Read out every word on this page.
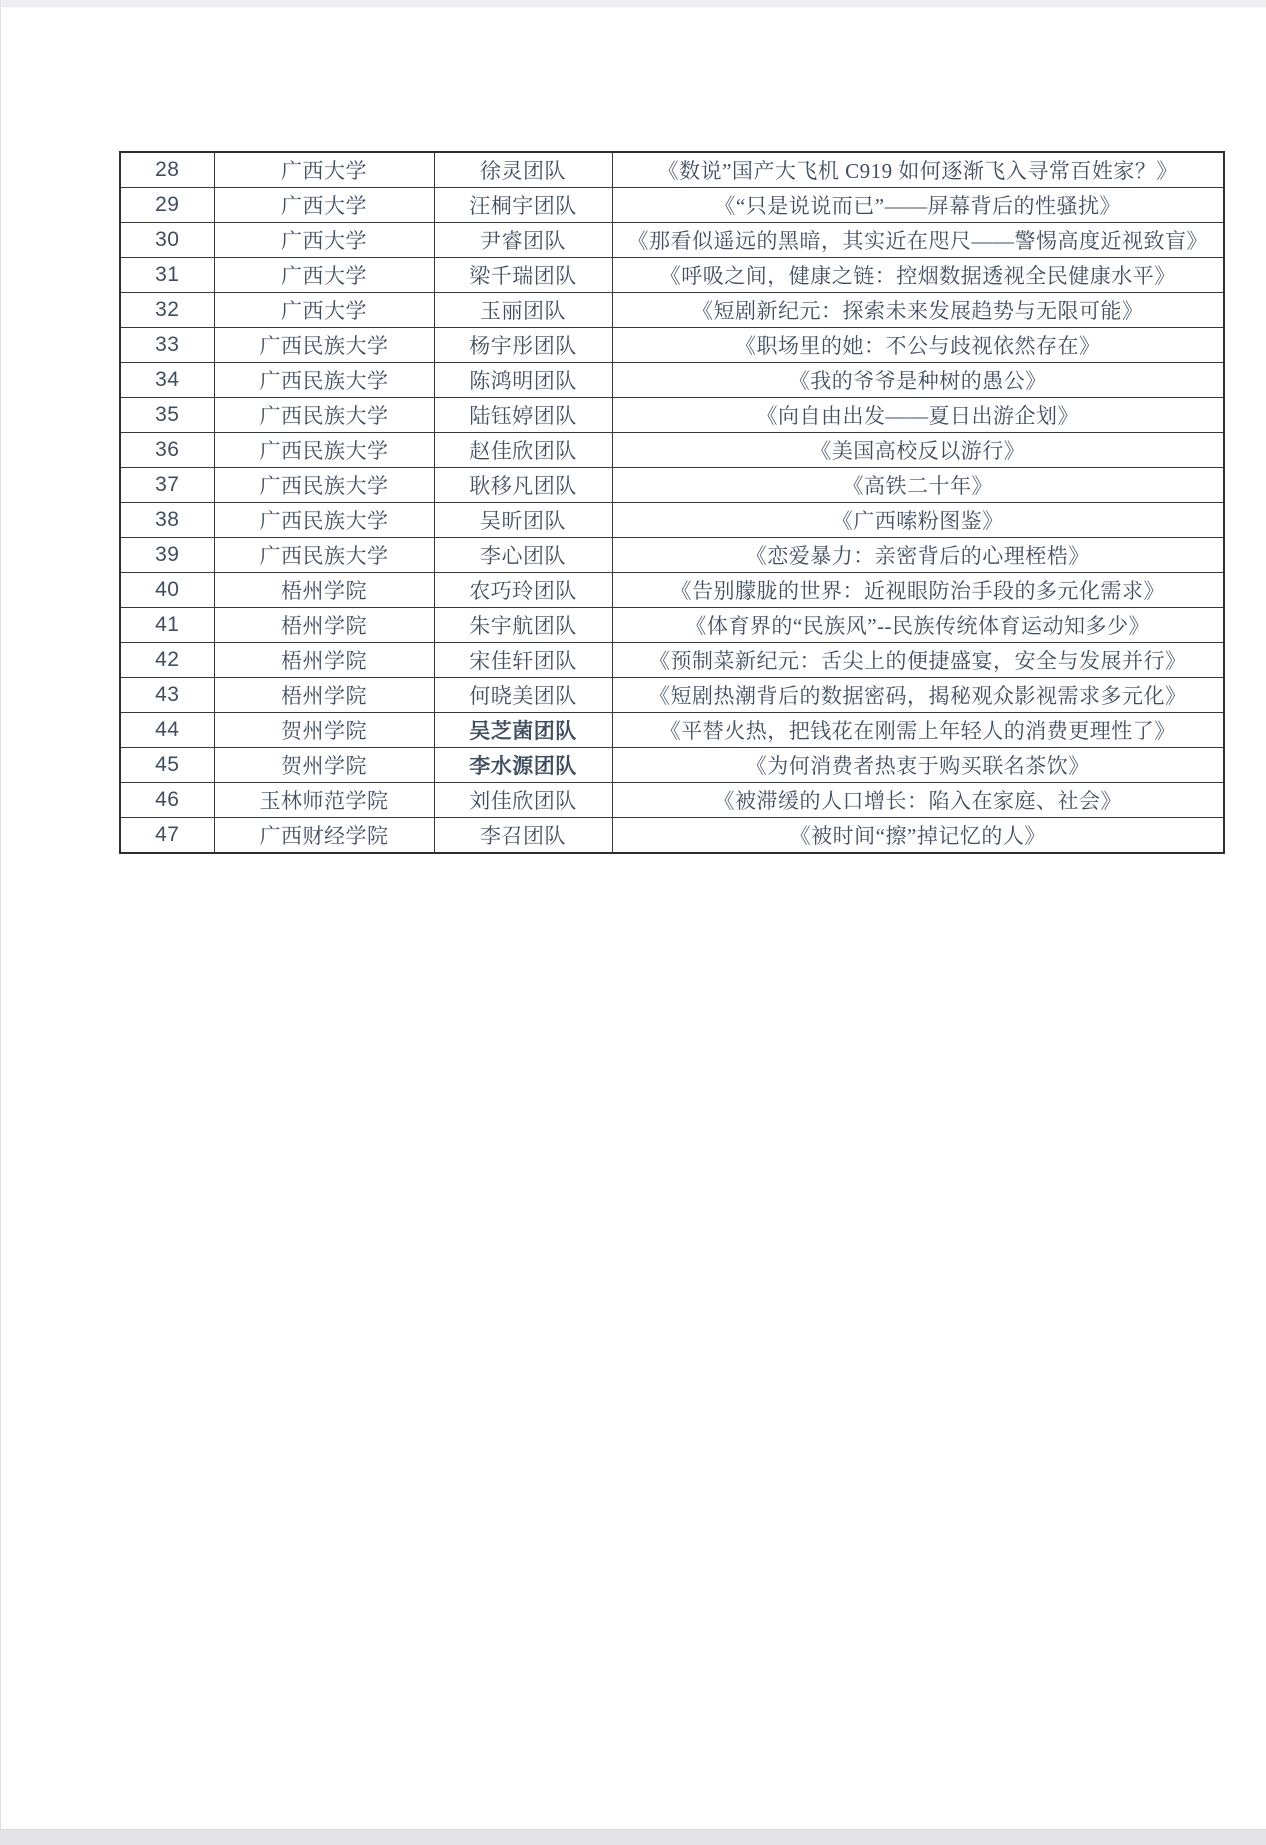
28	广西大学	徐灵团队	《数说”国产大飞机 C919 如何逐渐飞入寻常百姓家？》
29	广西大学	汪桐宇团队	《“只是说说而已”——屏幕背后的性骚扰》
30	广西大学	尹睿团队	《那看似遥远的黑暗，其实近在咫尺——警惕高度近视致盲》
31	广西大学	梁千瑞团队	《呼吸之间，健康之链：控烟数据透视全民健康水平》
32	广西大学	玉丽团队	《短剧新纪元：探索未来发展趋势与无限可能》
33	广西民族大学	杨宇彤团队	《职场里的她：不公与歧视依然存在》
34	广西民族大学	陈鸿明团队	《我的爷爷是种树的愚公》
35	广西民族大学	陆钰婷团队	《向自由出发——夏日出游企划》
36	广西民族大学	赵佳欣团队	《美国高校反以游行》
37	广西民族大学	耿移凡团队	《高铁二十年》
38	广西民族大学	吴昕团队	《广西嗦粉图鉴》
39	广西民族大学	李心团队	《恋爱暴力：亲密背后的心理桎梏》
40	梧州学院	农巧玲团队	《告别朦胧的世界：近视眼防治手段的多元化需求》
41	梧州学院	朱宇航团队	《体育界的“民族风”--民族传统体育运动知多少》
42	梧州学院	宋佳轩团队	《预制菜新纪元：舌尖上的便捷盛宴，安全与发展并行》
43	梧州学院	何晓美团队	《短剧热潮背后的数据密码，揭秘观众影视需求多元化》
44	贺州学院	吴芝菌团队	《平替火热，把钱花在刚需上年轻人的消费更理性了》
45	贺州学院	李水源团队	《为何消费者热衷于购买联名茶饮》
46	玉林师范学院	刘佳欣团队	《被滞缓的人口增长：陷入在家庭、社会》
47	广西财经学院	李召团队	《被时间“擦”掉记忆的人》
